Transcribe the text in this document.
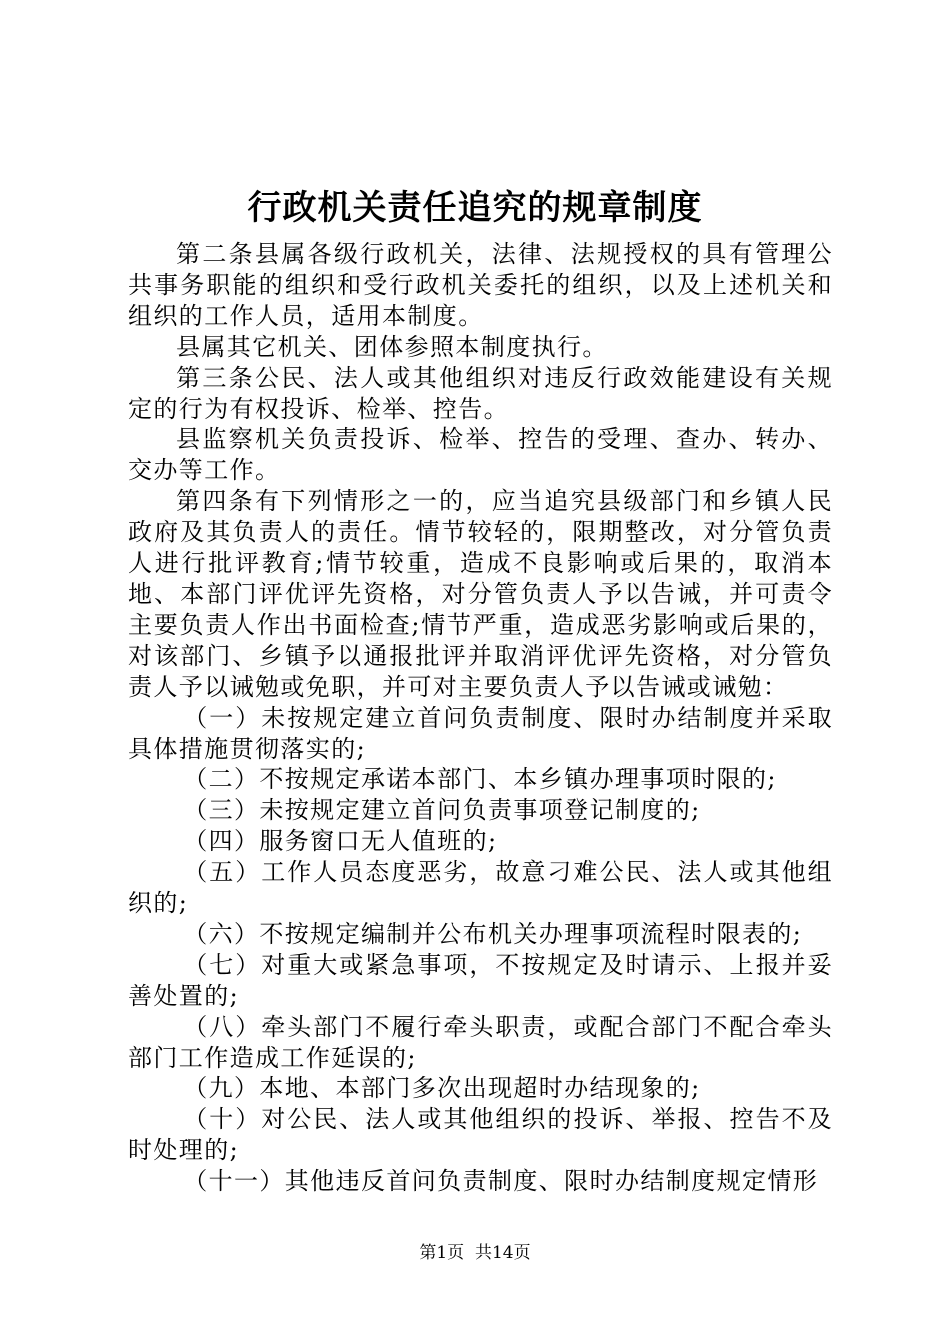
行政机关责任追究的规章制度

第二条县属各级行政机关，法律、法规授权的具有管理公共事务职能的组织和受行政机关委托的组织，以及上述机关和组织的工作人员，适用本制度。

县属其它机关、团体参照本制度执行。

第三条公民、法人或其他组织对违反行政效能建设有关规定的行为有权投诉、检举、控告。

县监察机关负责投诉、检举、控告的受理、查办、转办、交办等工作。

第四条有下列情形之一的，应当追究县级部门和乡镇人民政府及其负责人的责任。情节较轻的，限期整改，对分管负责人进行批评教育;情节较重，造成不良影响或后果的，取消本地、本部门评优评先资格，对分管负责人予以告诫，并可责令主要负责人作出书面检查;情节严重，造成恶劣影响或后果的，对该部门、乡镇予以通报批评并取消评优评先资格，对分管负责人予以诫勉或免职，并可对主要负责人予以告诫或诫勉：

（一）未按规定建立首问负责制度、限时办结制度并采取具体措施贯彻落实的;

（二）不按规定承诺本部门、本乡镇办理事项时限的;

（三）未按规定建立首问负责事项登记制度的;

（四）服务窗口无人值班的;

（五）工作人员态度恶劣，故意刁难公民、法人或其他组织的;

（六）不按规定编制并公布机关办理事项流程时限表的;

（七）对重大或紧急事项，不按规定及时请示、上报并妥善处置的;

（八）牵头部门不履行牵头职责，或配合部门不配合牵头部门工作造成工作延误的;

（九）本地、本部门多次出现超时办结现象的;

（十）对公民、法人或其他组织的投诉、举报、控告不及时处理的;

（十一）其他违反首问负责制度、限时办结制度规定情形

第1页  共14页
